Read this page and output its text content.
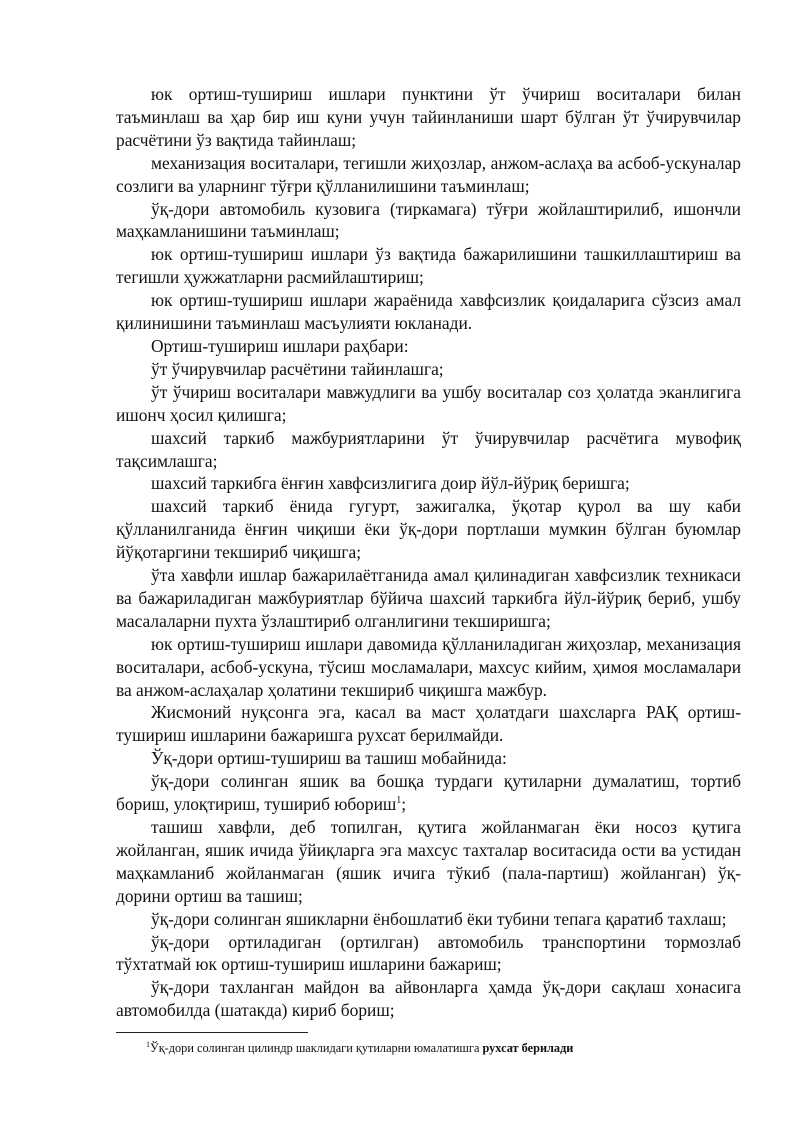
юк ортиш-тушириш ишлари пунктини ўт ўчириш воситалари билан таъминлаш ва ҳар бир иш куни учун тайинланиши шарт бўлган ўт ўчирувчилар расчётини ўз вақтида тайинлаш;

механизация воситалари, тегишли жиҳозлар, анжом-аслаҳа ва асбоб-ускуналар созлиги ва уларнинг тўғри қўлланилишини таъминлаш;

ўқ-дори автомобиль кузовига (тиркамага) тўғри жойлаштирилиб, ишончли маҳкамланишини таъминлаш;

юк ортиш-тушириш ишлари ўз вақтида бажарилишини ташкиллаштириш ва тегишли ҳужжатларни расмийлаштириш;

юк ортиш-тушириш ишлари жараёнида хавфсизлик қоидаларига сўзсиз амал қилинишини таъминлаш масъулияти юкланади.

Ортиш-тушириш ишлари раҳбари:

ўт ўчирувчилар расчётини тайинлашга;

ўт ўчириш воситалари мавжудлиги ва ушбу воситалар соз ҳолатда эканлигига ишонч ҳосил қилишга;

шахсий таркиб мажбуриятларини ўт ўчирувчилар расчётига мувофиқ тақсимлашга;

шахсий таркибга ёнғин хавфсизлигига доир йўл-йўриқ беришга;

шахсий таркиб ёнида гугурт, зажигалка, ўқотар қурол ва шу каби қўлланилганида ёнғин чиқиши ёки ўқ-дори портлаши мумкин бўлган буюмлар йўқотаргини текшириб чиқишга;

ўта хавфли ишлар бажарилаётганида амал қилинадиган хавфсизлик техникаси ва бажариладиган мажбуриятлар бўйича шахсий таркибга йўл-йўриқ бериб, ушбу масалаларни пухта ўзлаштириб олганлигини текширишга;

юк ортиш-тушириш ишлари давомида қўлланиладиган жиҳозлар, механизация воситалари, асбоб-ускуна, тўсиш мосламалари, махсус кийим, ҳимоя мосламалари ва анжом-аслаҳалар ҳолатини текшириб чиқишга мажбур.

Жисмоний нуқсонга эга, касал ва маст ҳолатдаги шахсларга РАҚ ортиш-тушириш ишларини бажаришга рухсат берилмайди.

Ўқ-дори ортиш-тушириш ва ташиш мобайнида:

ўқ-дори солинган яшик ва бошқа турдаги қутиларни думалатиш, тортиб бориш, улоқтириш, тушириб юбориш$^1$;

ташиш хавфли, деб топилган, қутига жойланмаган ёки носоз қутига жойланган, яшик ичида ўйиқларга эга махсус тахталар воситасида ости ва устидан маҳкамланиб жойланмаган (яшик ичига тўкиб (пала-партиш) жойланган) ўқ-дорини ортиш ва ташиш;

ўқ-дори солинган яшикларни ёнбошлатиб ёки тубини тепага қаратиб тахлаш;

ўқ-дори ортиладиган (ортилган) автомобиль транспортини тормозлаб тўхтатмай юк ортиш-тушириш ишларини бажариш;

ўқ-дори тахланган майдон ва айвонларга ҳамда ўқ-дори сақлаш хонасига автомобилда (шатакда) кириб бориш;

$^1$Ўқ-дори солинган цилиндр шаклидаги қутиларни юмалатишга рухсат берилади
